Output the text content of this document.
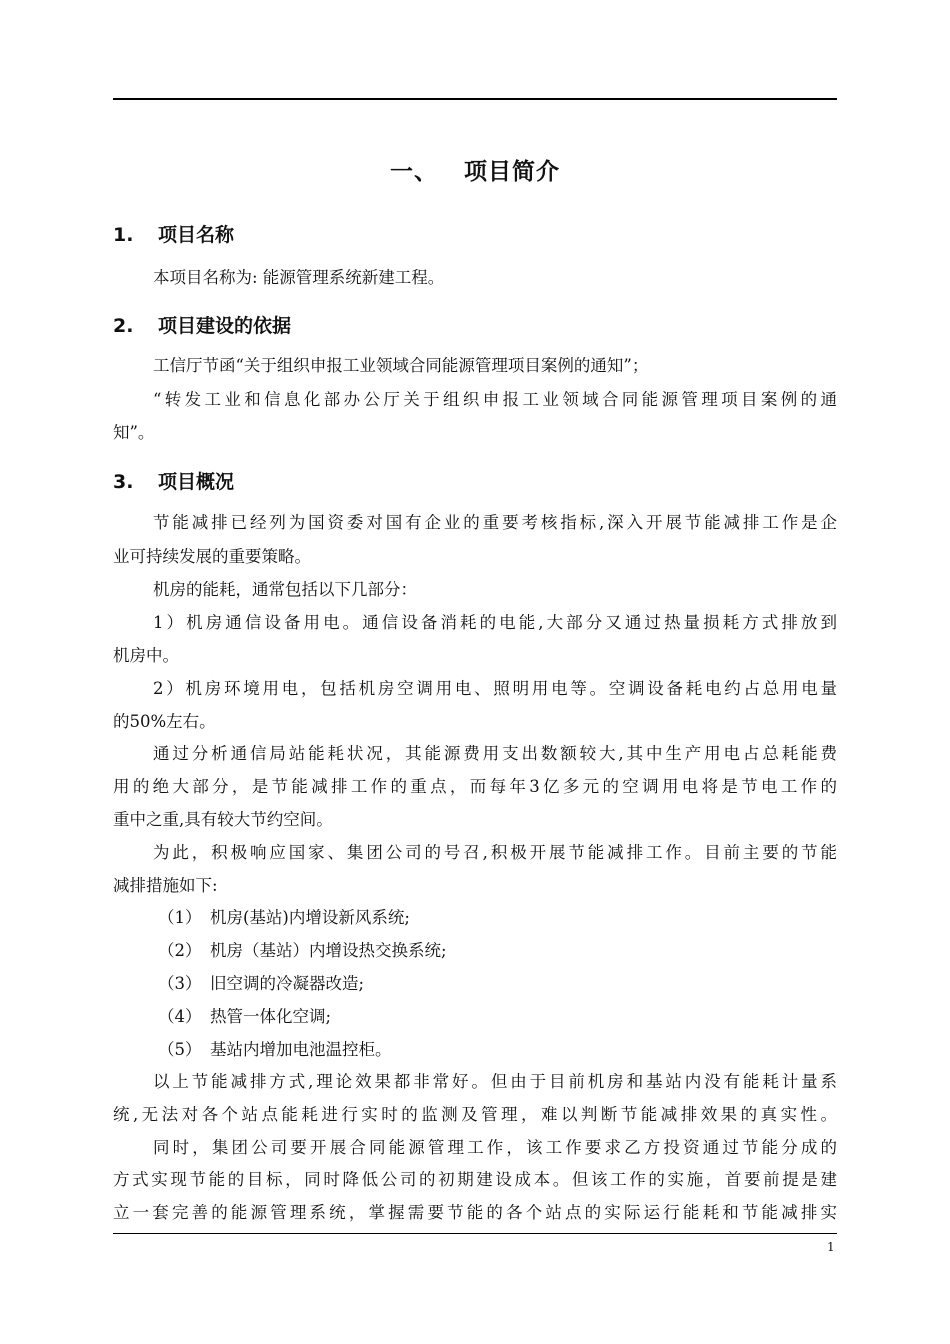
一、 项目简介
1. 项目名称
本项目名称为: 能源管理系统新建工程。
2. 项目建设的依据
工信厅节函“关于组织申报工业领域合同能源管理项目案例的通知”；
“转发工业和信息化部办公厅关于组织申报工业领域合同能源管理项目案例的通
知”。
3. 项目概况
节能减排已经列为国资委对国有企业的重要考核指标,深入开展节能减排工作是企
业可持续发展的重要策略。
机房的能耗，通常包括以下几部分：
1）机房通信设备用电。通信设备消耗的电能,大部分又通过热量损耗方式排放到
机房中。
2）机房环境用电，包括机房空调用电、照明用电等。空调设备耗电约占总用电量
的50%左右。
通过分析通信局站能耗状况，其能源费用支出数额较大,其中生产用电占总耗能费
用的绝大部分，是节能减排工作的重点，而每年3亿多元的空调用电将是节电工作的
重中之重,具有较大节约空间。
为此，积极响应国家、集团公司的号召,积极开展节能减排工作。目前主要的节能
减排措施如下:
（1） 机房(基站)内增设新风系统;
（2） 机房（基站）内增设热交换系统;
（3） 旧空调的冷凝器改造;
（4） 热管一体化空调;
（5） 基站内增加电池温控柜。
以上节能减排方式,理论效果都非常好。但由于目前机房和基站内没有能耗计量系
统,无法对各个站点能耗进行实时的监测及管理，难以判断节能减排效果的真实性。
同时，集团公司要开展合同能源管理工作，该工作要求乙方投资通过节能分成的
方式实现节能的目标，同时降低公司的初期建设成本。但该工作的实施，首要前提是建
立一套完善的能源管理系统，掌握需要节能的各个站点的实际运行能耗和节能减排实
1
